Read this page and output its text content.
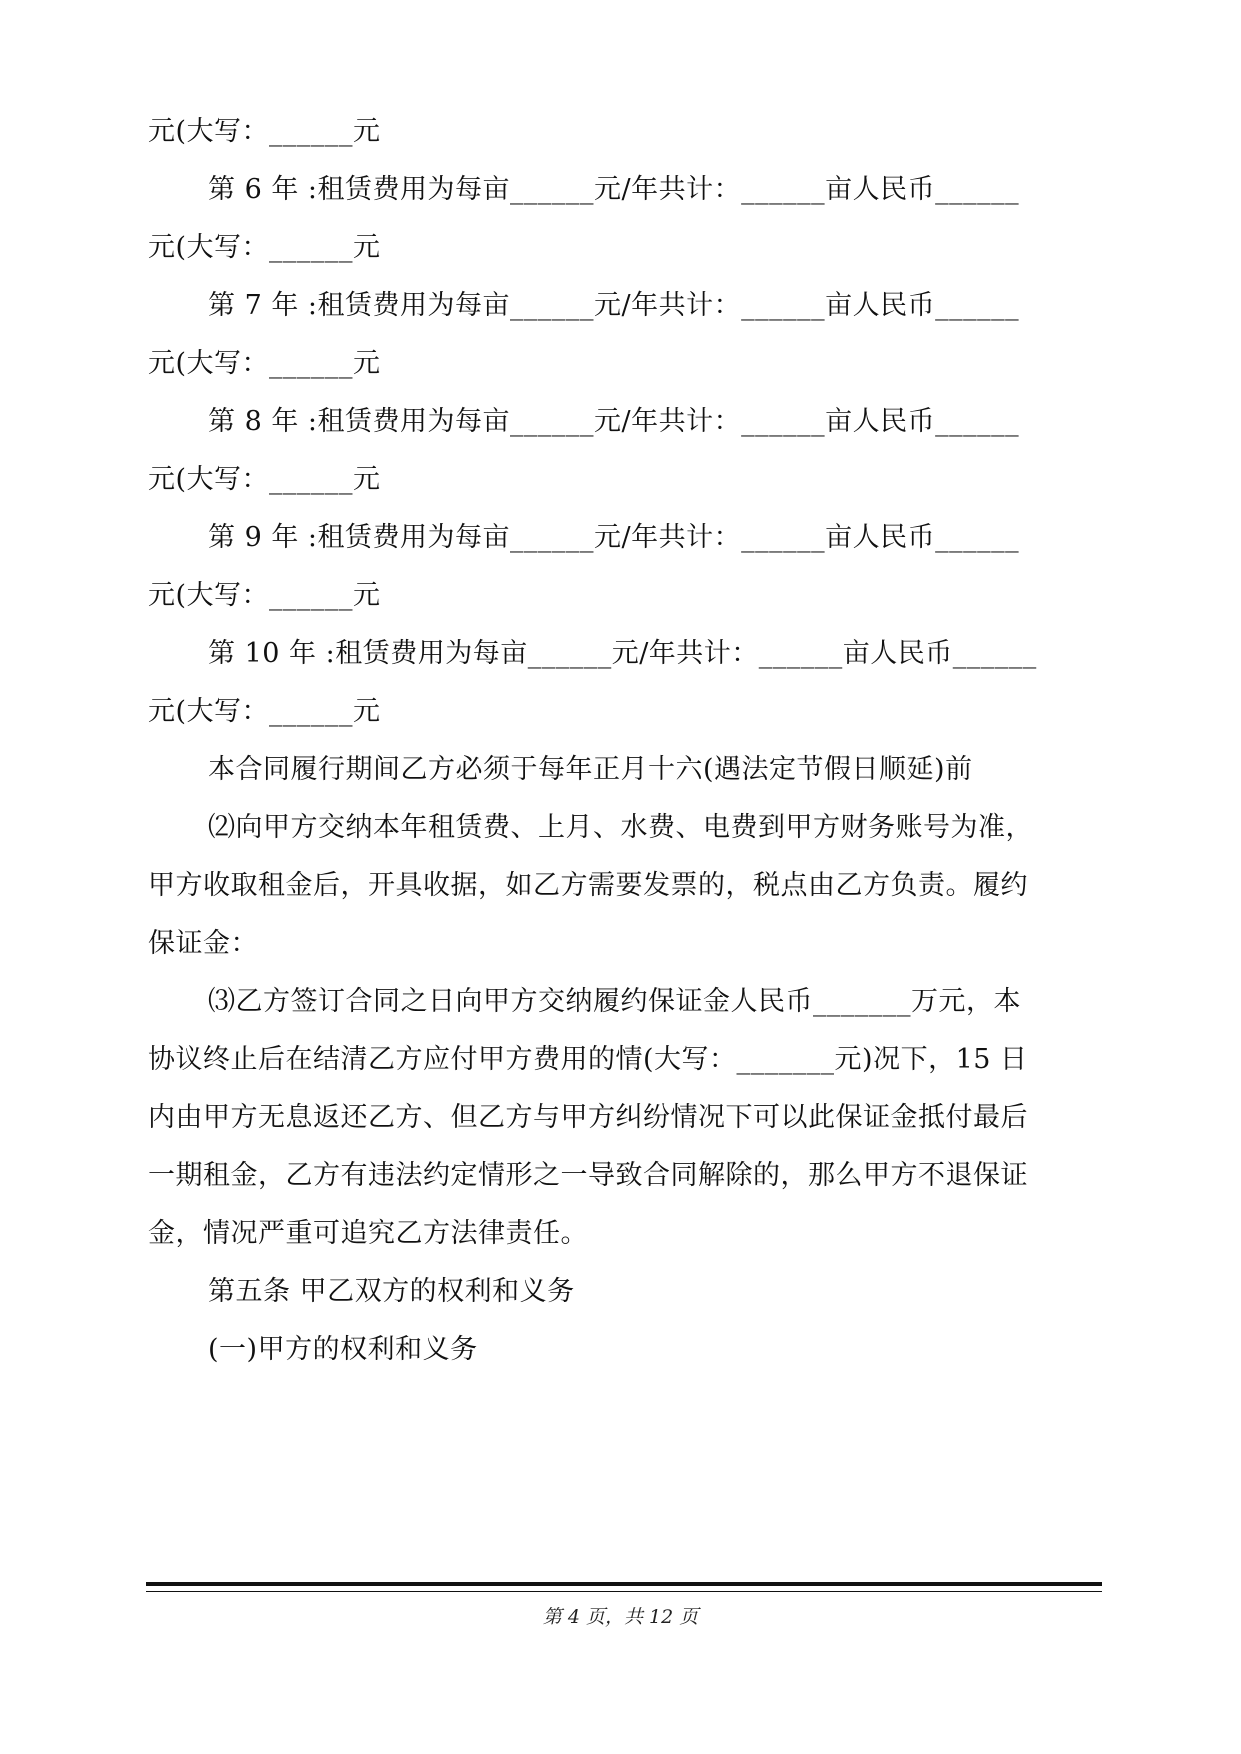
元(大写：______元
第 6 年 :租赁费用为每亩______元/年共计：______亩人民币______
元(大写：______元
第 7 年 :租赁费用为每亩______元/年共计：______亩人民币______
元(大写：______元
第 8 年 :租赁费用为每亩______元/年共计：______亩人民币______
元(大写：______元
第 9 年 :租赁费用为每亩______元/年共计：______亩人民币______
元(大写：______元
第 10 年 :租赁费用为每亩______元/年共计：______亩人民币______
元(大写：______元
本合同履行期间乙方必须于每年正月十六(遇法定节假日顺延)前
⑵向甲方交纳本年租赁费、上月、水费、电费到甲方财务账号为准，
甲方收取租金后，开具收据，如乙方需要发票的，税点由乙方负责。履约
保证金：
⑶乙方签订合同之日向甲方交纳履约保证金人民币_______万元，本
协议终止后在结清乙方应付甲方费用的情(大写：_______元)况下，15 日
内由甲方无息返还乙方、但乙方与甲方纠纷情况下可以此保证金抵付最后
一期租金，乙方有违法约定情形之一导致合同解除的，那么甲方不退保证
金，情况严重可追究乙方法律责任。
第五条 甲乙双方的权利和义务
(一)甲方的权利和义务
第 4 页，共 12 页
